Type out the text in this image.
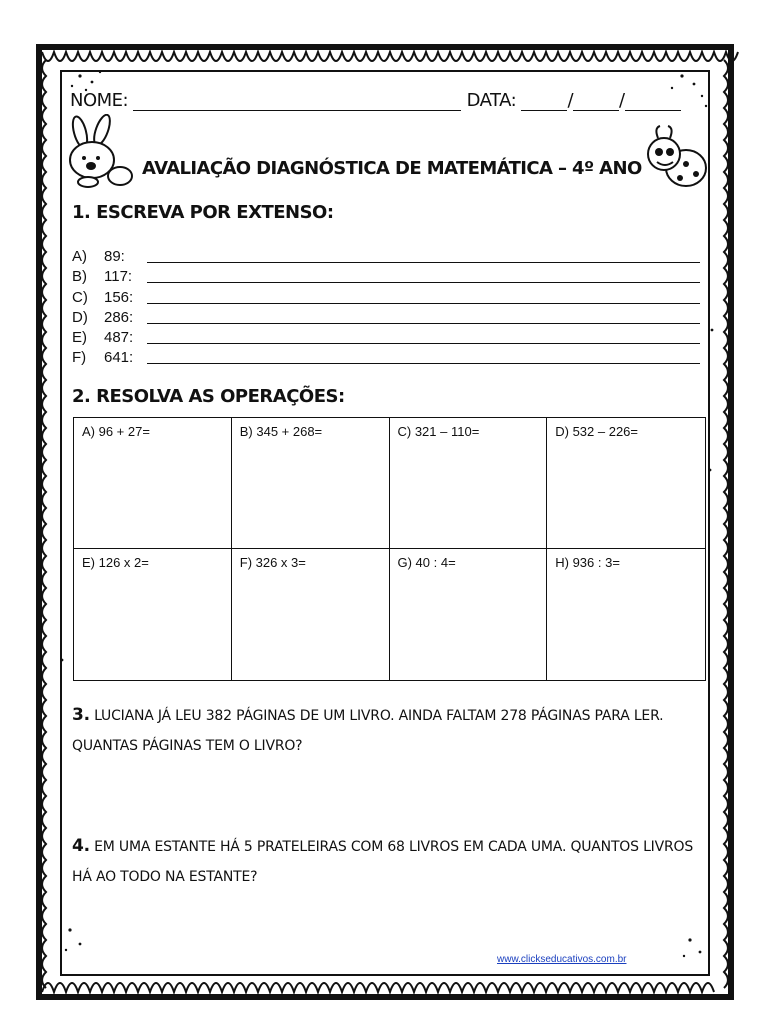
NOME:	DATA:	/	/
AVALIAÇÃO DIAGNÓSTICA DE MATEMÁTICA – 4º ANO
1. ESCREVA POR EXTENSO:
A) 89:
B) 117:
C) 156:
D) 286:
E) 487:
F) 641:
2. RESOLVA AS OPERAÇÕES:
A) 96 + 27=	B) 345 + 268=	C) 321 – 110=	D) 532 – 226=
E) 126 x 2=	F) 326 x 3=	G) 40 : 4=	H) 936 : 3=
3. LUCIANA JÁ LEU 382 PÁGINAS DE UM LIVRO. AINDA FALTAM 278 PÁGINAS PARA LER. QUANTAS PÁGINAS TEM O LIVRO?
4. EM UMA ESTANTE HÁ 5 PRATELEIRAS COM 68 LIVROS EM CADA UMA. QUANTOS LIVROS HÁ AO TODO NA ESTANTE?
www.clickseducativos.com.br
